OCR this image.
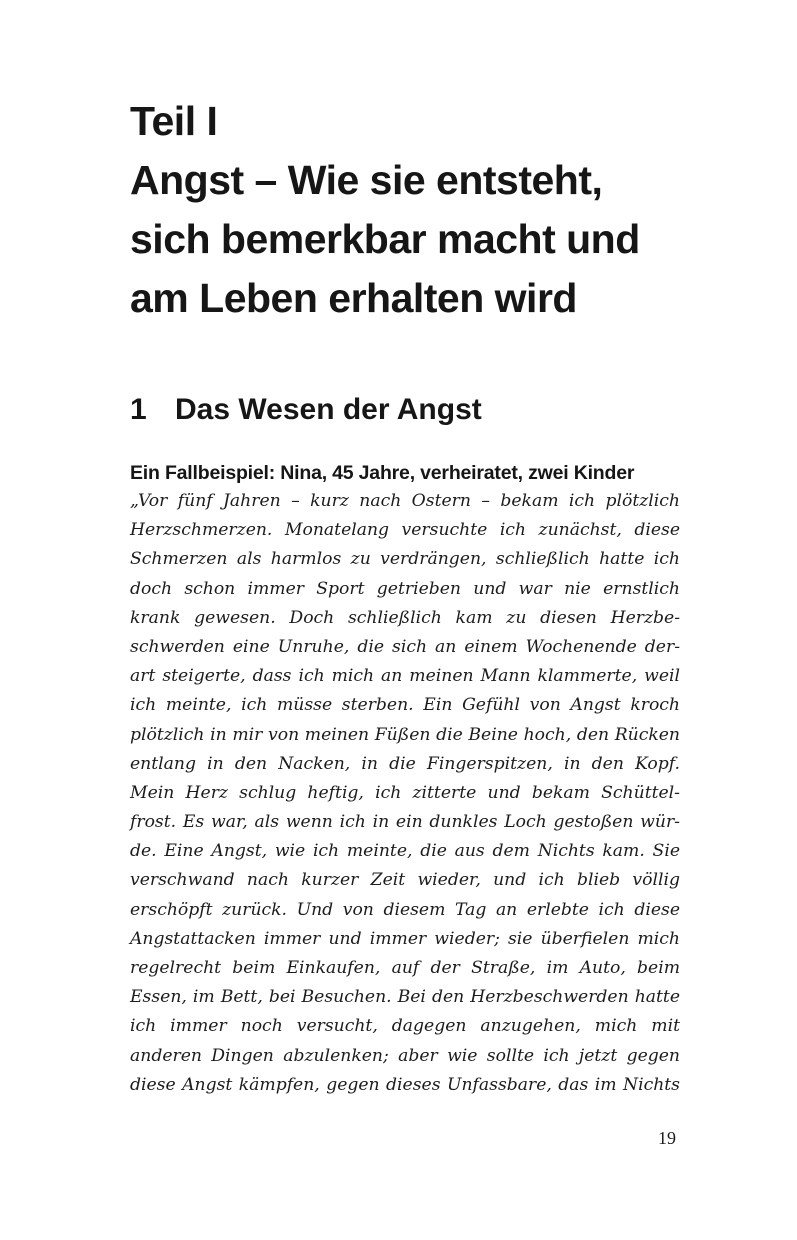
Teil I
Angst – Wie sie entsteht,
sich bemerkbar macht und
am Leben erhalten wird
1 Das Wesen der Angst
Ein Fallbeispiel: Nina, 45 Jahre, verheiratet, zwei Kinder
„Vor fünf Jahren – kurz nach Ostern – bekam ich plötzlich
Herzschmerzen. Monatelang versuchte ich zunächst, diese
Schmerzen als harmlos zu verdrängen, schließlich hatte ich
doch schon immer Sport getrieben und war nie ernstlich
krank gewesen. Doch schließlich kam zu diesen Herzbe-
schwerden eine Unruhe, die sich an einem Wochenende der-
art steigerte, dass ich mich an meinen Mann klammerte, weil
ich meinte, ich müsse sterben. Ein Gefühl von Angst kroch
plötzlich in mir von meinen Füßen die Beine hoch, den Rücken
entlang in den Nacken, in die Fingerspitzen, in den Kopf.
Mein Herz schlug heftig, ich zitterte und bekam Schüttel-
frost. Es war, als wenn ich in ein dunkles Loch gestoßen wür-
de. Eine Angst, wie ich meinte, die aus dem Nichts kam. Sie
verschwand nach kurzer Zeit wieder, und ich blieb völlig
erschöpft zurück. Und von diesem Tag an erlebte ich diese
Angstattacken immer und immer wieder; sie überfielen mich
regelrecht beim Einkaufen, auf der Straße, im Auto, beim
Essen, im Bett, bei Besuchen. Bei den Herzbeschwerden hatte
ich immer noch versucht, dagegen anzugehen, mich mit
anderen Dingen abzulenken; aber wie sollte ich jetzt gegen
diese Angst kämpfen, gegen dieses Unfassbare, das im Nichts
19
